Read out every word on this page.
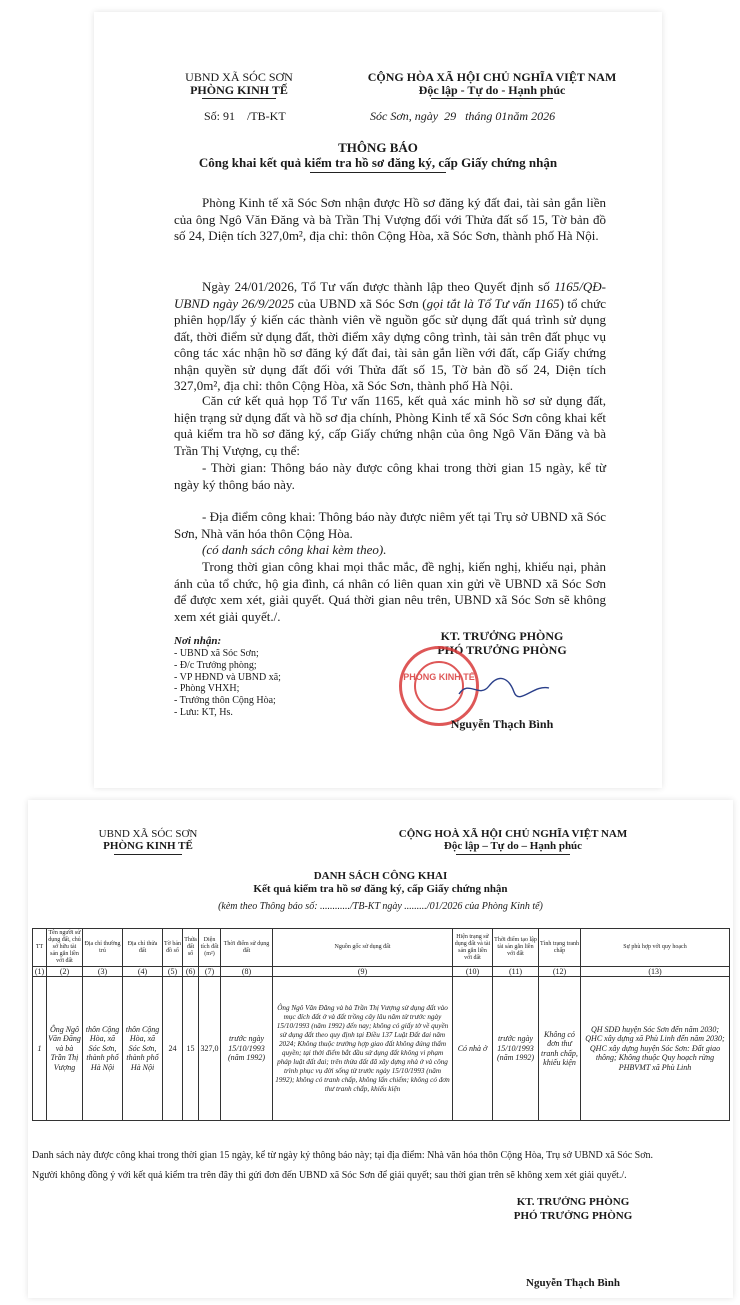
UBND XÃ SÓC SƠN
PHÒNG KINH TẾ
CỘNG HÒA XÃ HỘI CHỦ NGHĨA VIỆT NAM
Độc lập - Tự do - Hạnh phúc
Số: 91 /TB-KT	Sóc Sơn, ngày 29 tháng 01năm 2026
THÔNG BÁO
Công khai kết quả kiểm tra hồ sơ đăng ký, cấp Giấy chứng nhận
Phòng Kinh tế xã Sóc Sơn nhận được Hồ sơ đăng ký đất đai, tài sản gắn liền của ông Ngô Văn Đăng và bà Trần Thị Vượng đối với Thửa đất số 15, Tờ bản đồ số 24, Diện tích 327,0m², địa chỉ: thôn Cộng Hòa, xã Sóc Sơn, thành phố Hà Nội.
Ngày 24/01/2026, Tổ Tư vấn được thành lập theo Quyết định số 1165/QĐ-UBND ngày 26/9/2025 của UBND xã Sóc Sơn (gọi tắt là Tổ Tư vấn 1165) tổ chức phiên họp/lấy ý kiến các thành viên về nguồn gốc sử dụng đất quá trình sử dụng đất, thời điểm sử dụng đất, thời điểm xây dựng công trình, tài sản trên đất phục vụ công tác xác nhận hồ sơ đăng ký đất đai, tài sản gắn liền với đất, cấp Giấy chứng nhận quyền sử dụng đất đối với Thửa đất số 15, Tờ bản đồ số 24, Diện tích 327,0m², địa chỉ: thôn Cộng Hòa, xã Sóc Sơn, thành phố Hà Nội.
Căn cứ kết quả họp Tổ Tư vấn 1165, kết quả xác minh hồ sơ sử dụng đất, hiện trạng sử dụng đất và hồ sơ địa chính, Phòng Kinh tế xã Sóc Sơn công khai kết quả kiểm tra hồ sơ đăng ký, cấp Giấy chứng nhận của ông Ngô Văn Đăng và bà Trần Thị Vượng, cụ thể:
- Thời gian: Thông báo này được công khai trong thời gian 15 ngày, kể từ ngày ký thông báo này.
- Địa điểm công khai: Thông báo này được niêm yết tại Trụ sở UBND xã Sóc Sơn, Nhà văn hóa thôn Cộng Hòa.
(có danh sách công khai kèm theo).
Trong thời gian công khai mọi thắc mắc, đề nghị, kiến nghị, khiếu nại, phản ánh của tổ chức, hộ gia đình, cá nhân có liên quan xin gửi về UBND xã Sóc Sơn để được xem xét, giải quyết. Quá thời gian nêu trên, UBND xã Sóc Sơn sẽ không xem xét giải quyết./.
Nơi nhận:
- UBND xã Sóc Sơn;
- Đ/c Trưởng phòng;
- VP HĐND và UBND xã;
- Phòng VHXH;
- Trưởng thôn Cộng Hòa;
- Lưu: KT, Hs.
KT. TRƯỞNG PHÒNG
PHÓ TRƯỞNG PHÒNG
PHÒNG KINH TẾ
Nguyễn Thạch Bình
UBND XÃ SÓC SƠN
PHÒNG KINH TẾ
CỘNG HOÀ XÃ HỘI CHỦ NGHĨA VIỆT NAM
Độc lập – Tự do – Hạnh phúc
DANH SÁCH CÔNG KHAI
Kết quả kiểm tra hồ sơ đăng ký, cấp Giấy chứng nhận
(kèm theo Thông báo số: ............/TB-KT ngày ........./01/2026 của Phòng Kinh tế)
TT	Tên người sử dụng đất, chủ sở hữu tài sản gắn liền với đất	Địa chỉ thường trú	Địa chỉ thửa đất	Tờ bản đồ số	Thửa đất số	Diện tích đất (m²)	Thời điểm sử dụng đất	Nguồn gốc sử dụng đất	Hiện trạng sử dụng đất và tài sản gắn liền với đất	Thời điểm tạo lập tài sản gắn liền với đất	Tình trạng tranh chấp	Sự phù hợp với quy hoạch
(1)	(2)	(3)	(4)	(5)	(6)	(7)	(8)	(9)	(10)	(11)	(12)	(13)
1	Ông Ngô Văn Đăng và bà Trần Thị Vượng	thôn Cộng Hòa, xã Sóc Sơn, thành phố Hà Nội	thôn Cộng Hòa, xã Sóc Sơn, thành phố Hà Nội	24	15	327,0	trước ngày 15/10/1993 (năm 1992)	Ông Ngô Văn Đăng và bà Trần Thị Vượng sử dụng đất vào mục đích đất ở và đất trồng cây lâu năm từ trước ngày 15/10/1993 (năm 1992) đến nay; không có giấy tờ về quyền sử dụng đất theo quy định tại Điều 137 Luật Đất đai năm 2024; Không thuộc trường hợp giao đất không đúng thẩm quyền; tại thời điểm bắt đầu sử dụng đất không vi phạm pháp luật đất đai; trên thửa đất đã xây dựng nhà ở và công trình phục vụ đời sống từ trước ngày 15/10/1993 (năm 1992); không có tranh chấp, không lấn chiếm; không có đơn thư tranh chấp, khiếu kiện	Có nhà ở	trước ngày 15/10/1993 (năm 1992)	Không có đơn thư tranh chấp, khiếu kiện	QH SDĐ huyện Sóc Sơn đến năm 2030; QHC xây dựng xã Phù Linh đến năm 2030; QHC xây dựng huyện Sóc Sơn: Đất giao thông; Không thuộc Quy hoạch rừng PHBVMT xã Phù Linh
Danh sách này được công khai trong thời gian 15 ngày, kể từ ngày ký thông báo này; tại địa điểm: Nhà văn hóa thôn Cộng Hòa, Trụ sở UBND xã Sóc Sơn.
Người không đồng ý với kết quả kiểm tra trên đây thì gửi đơn đến UBND xã Sóc Sơn để giải quyết; sau thời gian trên sẽ không xem xét giải quyết./.
KT. TRƯỞNG PHÒNG
PHÓ TRƯỞNG PHÒNG
Nguyễn Thạch Bình
